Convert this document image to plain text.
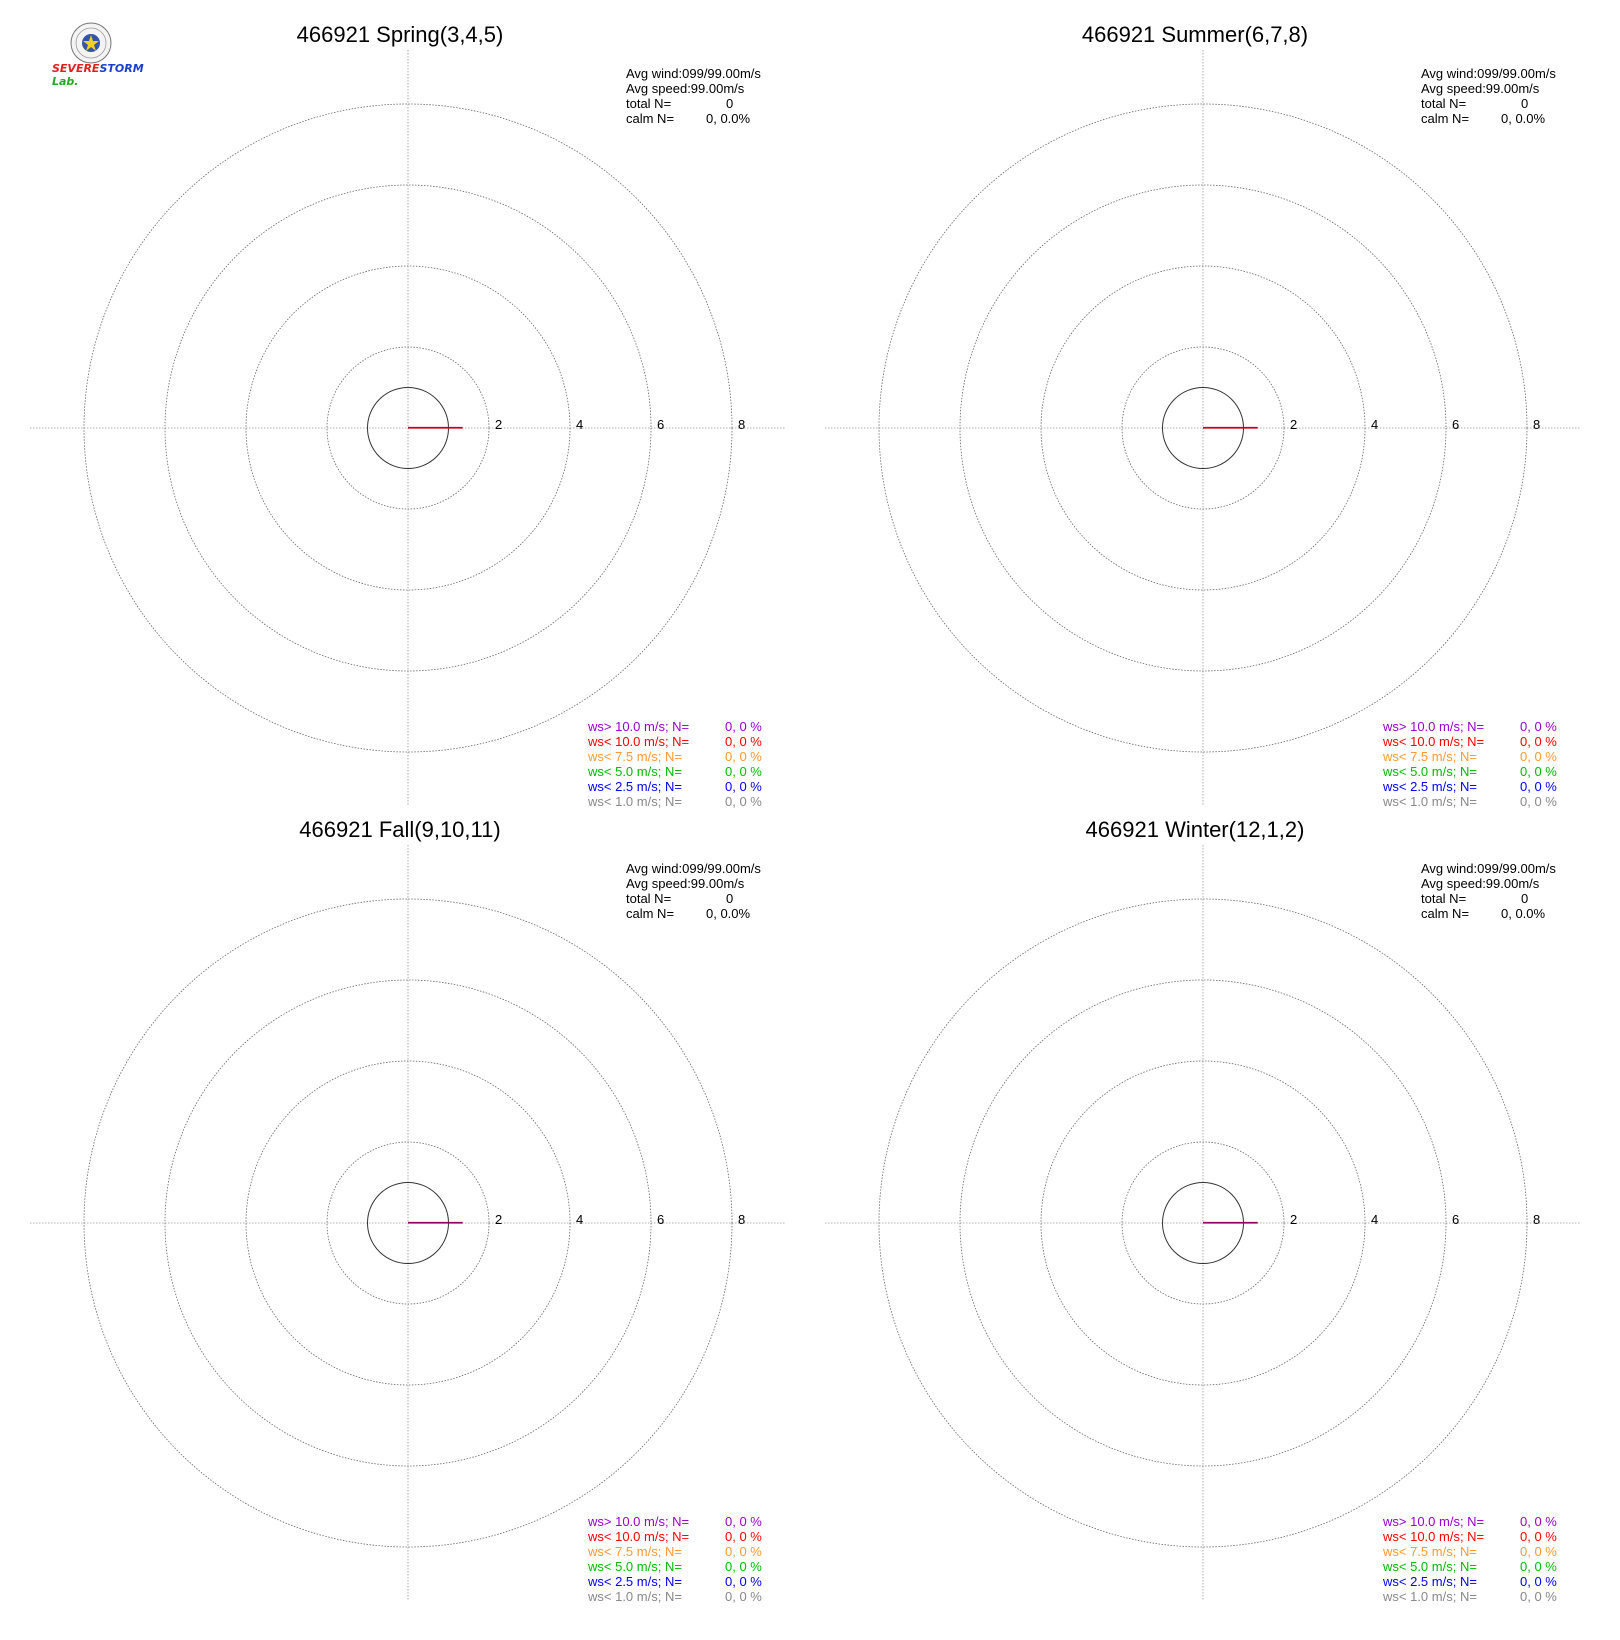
466921 Spring(3,4,5)
2	4	6	8
Avg wind:099/99.00m/s
Avg speed:99.00m/s
total N=	0
calm N= 0, 0.0%
ws> 10.0 m/s; N=	0, 0 %
ws< 10.0 m/s; N=	0, 0 %
ws< 7.5 m/s; N=	0, 0 %
ws< 5.0 m/s; N=	0, 0 %
ws< 2.5 m/s; N=	0, 0 %
ws< 1.0 m/s; N=	0, 0 %
466921 Summer(6,7,8)
2	4	6	8
Avg wind:099/99.00m/s
Avg speed:99.00m/s
total N=	0
calm N= 0, 0.0%
ws> 10.0 m/s; N=	0, 0 %
ws< 10.0 m/s; N=	0, 0 %
ws< 7.5 m/s; N=	0, 0 %
ws< 5.0 m/s; N=	0, 0 %
ws< 2.5 m/s; N=	0, 0 %
ws< 1.0 m/s; N=	0, 0 %
466921 Fall(9,10,11)
2	4	6	8
Avg wind:099/99.00m/s
Avg speed:99.00m/s
total N=	0
calm N= 0, 0.0%
ws> 10.0 m/s; N=	0, 0 %
ws< 10.0 m/s; N=	0, 0 %
ws< 7.5 m/s; N=	0, 0 %
ws< 5.0 m/s; N=	0, 0 %
ws< 2.5 m/s; N=	0, 0 %
ws< 1.0 m/s; N=	0, 0 %
466921 Winter(12,1,2)
2	4	6	8
Avg wind:099/99.00m/s
Avg speed:99.00m/s
total N=	0
calm N= 0, 0.0%
ws> 10.0 m/s; N=	0, 0 %
ws< 10.0 m/s; N=	0, 0 %
ws< 7.5 m/s; N=	0, 0 %
ws< 5.0 m/s; N=	0, 0 %
ws< 2.5 m/s; N=	0, 0 %
ws< 1.0 m/s; N=	0, 0 %
SEVERESTORM Lab.
